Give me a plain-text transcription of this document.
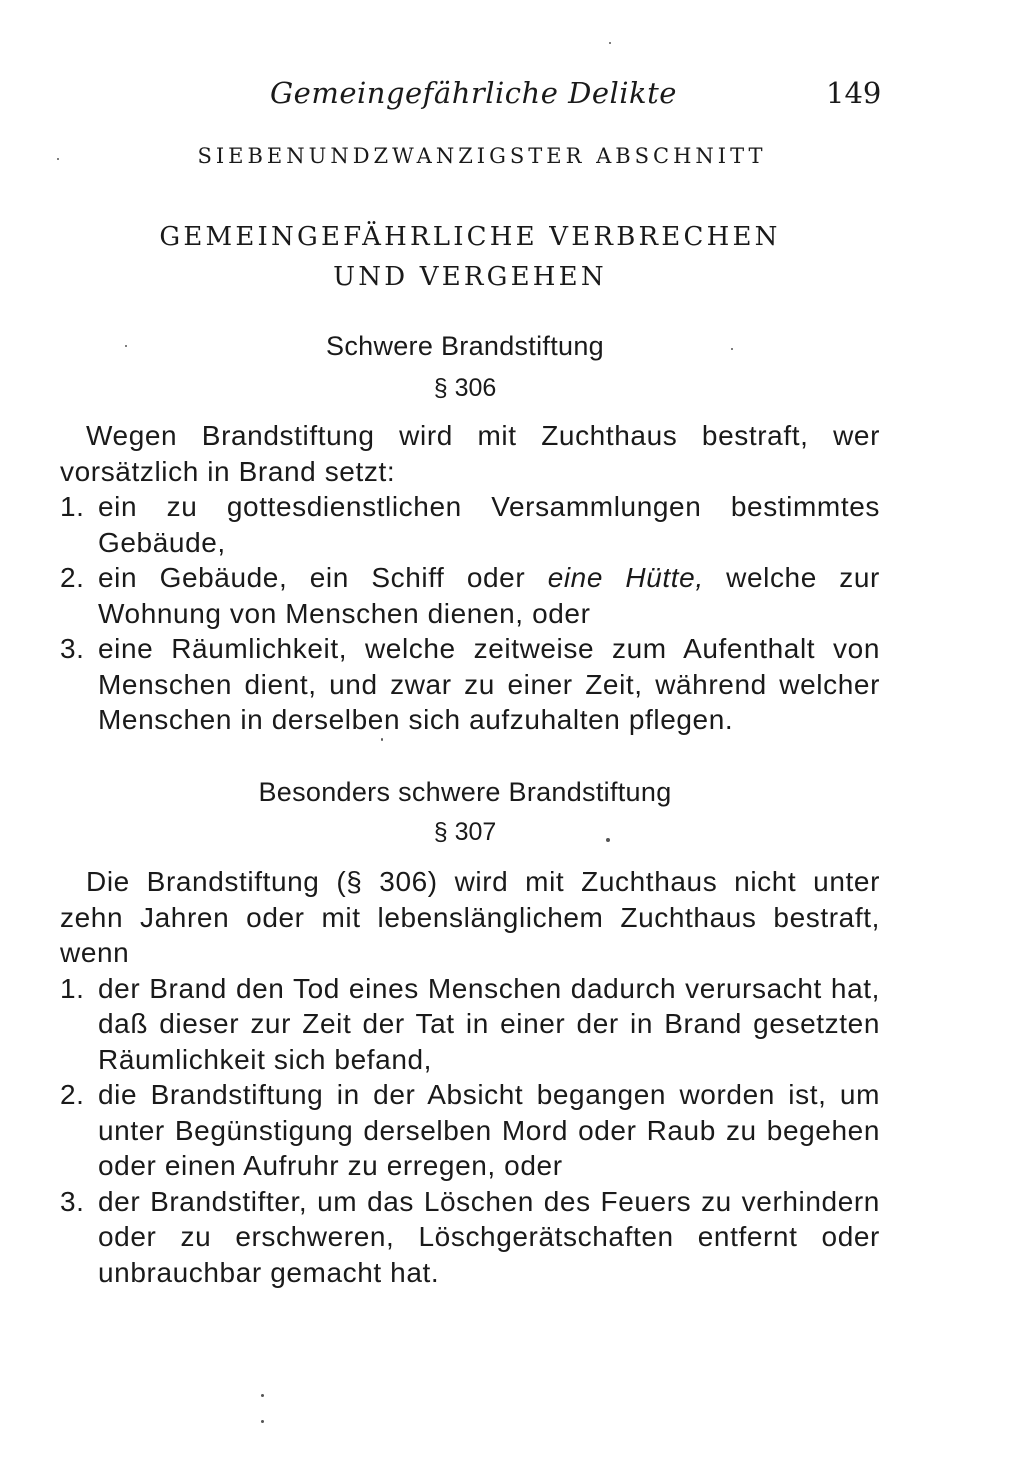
Gemeingefährliche Delikte	149
SIEBENUNDZWANZIGSTER ABSCHNITT
GEMEINGEFÄHRLICHE VERBRECHEN
UND VERGEHEN
Schwere Brandstiftung
§ 306
Wegen Brandstiftung wird mit Zuchthaus bestraft, wer vorsätzlich in Brand setzt:
1. ein zu gottesdienstlichen Versammlungen bestimmtes Gebäude,
2. ein Gebäude, ein Schiff oder eine Hütte, welche zur Wohnung von Menschen dienen, oder
3. eine Räumlichkeit, welche zeitweise zum Aufenthalt von Menschen dient, und zwar zu einer Zeit, während welcher Menschen in derselben sich aufzuhalten pflegen.
Besonders schwere Brandstiftung
§ 307
Die Brandstiftung (§ 306) wird mit Zuchthaus nicht unter zehn Jahren oder mit lebenslänglichem Zuchthaus bestraft, wenn
1. der Brand den Tod eines Menschen dadurch verursacht hat, daß dieser zur Zeit der Tat in einer der in Brand gesetzten Räumlichkeit sich befand,
2. die Brandstiftung in der Absicht begangen worden ist, um unter Begünstigung derselben Mord oder Raub zu begehen oder einen Aufruhr zu erregen, oder
3. der Brandstifter, um das Löschen des Feuers zu verhindern oder zu erschweren, Löschgerätschaften entfernt oder unbrauchbar gemacht hat.
